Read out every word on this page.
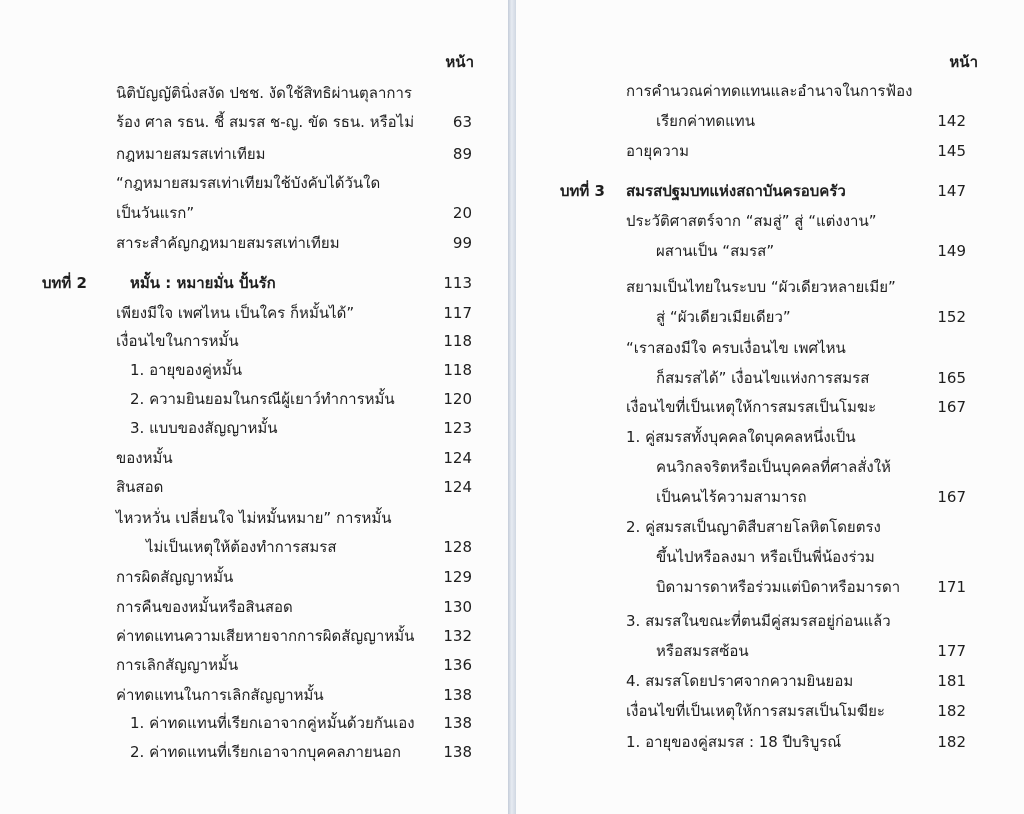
หน้า
นิติบัญญัตินิ่งสงัด ปชช. งัดใช้สิทธิผ่านตุลาการ
ร้อง ศาล รธน. ชี้ สมรส ช-ญ. ขัด รธน. หรือไม่	63
กฎหมายสมรสเท่าเทียม	89
“กฎหมายสมรสเท่าเทียมใช้บังคับได้วันใด
เป็นวันแรก”	20
สาระสำคัญกฎหมายสมรสเท่าเทียม	99
บทที่ 2	หมั้น : หมายมั่น ปั้นรัก	113
เพียงมีใจ เพศไหน เป็นใคร ก็หมั้นได้”	117
เงื่อนไขในการหมั้น	118
1. อายุของคู่หมั้น	118
2. ความยินยอมในกรณีผู้เยาว์ทำการหมั้น	120
3. แบบของสัญญาหมั้น	123
ของหมั้น	124
สินสอด	124
ไหวหวั่น เปลี่ยนใจ ไม่หมั้นหมาย” การหมั้น
ไม่เป็นเหตุให้ต้องทำการสมรส	128
การผิดสัญญาหมั้น	129
การคืนของหมั้นหรือสินสอด	130
ค่าทดแทนความเสียหายจากการผิดสัญญาหมั้น	132
การเลิกสัญญาหมั้น	136
ค่าทดแทนในการเลิกสัญญาหมั้น	138
1. ค่าทดแทนที่เรียกเอาจากคู่หมั้นด้วยกันเอง	138
2. ค่าทดแทนที่เรียกเอาจากบุคคลภายนอก	138
หน้า
การคำนวณค่าทดแทนและอำนาจในการฟ้อง
เรียกค่าทดแทน	142
อายุความ	145
บทที่ 3 สมรสปฐมบทแห่งสถาบันครอบครัว	147
ประวัติศาสตร์จาก “สมสู่” สู่ “แต่งงาน”
ผสานเป็น “สมรส”	149
สยามเป็นไทยในระบบ “ผัวเดียวหลายเมีย”
สู่ “ผัวเดียวเมียเดียว”	152
“เราสองมีใจ ครบเงื่อนไข เพศไหน
ก็สมรสได้” เงื่อนไขแห่งการสมรส	165
เงื่อนไขที่เป็นเหตุให้การสมรสเป็นโมฆะ	167
1. คู่สมรสทั้งบุคคลใดบุคคลหนึ่งเป็น
คนวิกลจริตหรือเป็นบุคคลที่ศาลสั่งให้
เป็นคนไร้ความสามารถ	167
2. คู่สมรสเป็นญาติสืบสายโลหิตโดยตรง
ขึ้นไปหรือลงมา หรือเป็นพี่น้องร่วม
บิดามารดาหรือร่วมแต่บิดาหรือมารดา	171
3. สมรสในขณะที่ตนมีคู่สมรสอยู่ก่อนแล้ว
หรือสมรสซ้อน	177
4. สมรสโดยปราศจากความยินยอม	181
เงื่อนไขที่เป็นเหตุให้การสมรสเป็นโมฆียะ	182
1. อายุของคู่สมรส : 18 ปีบริบูรณ์	182
